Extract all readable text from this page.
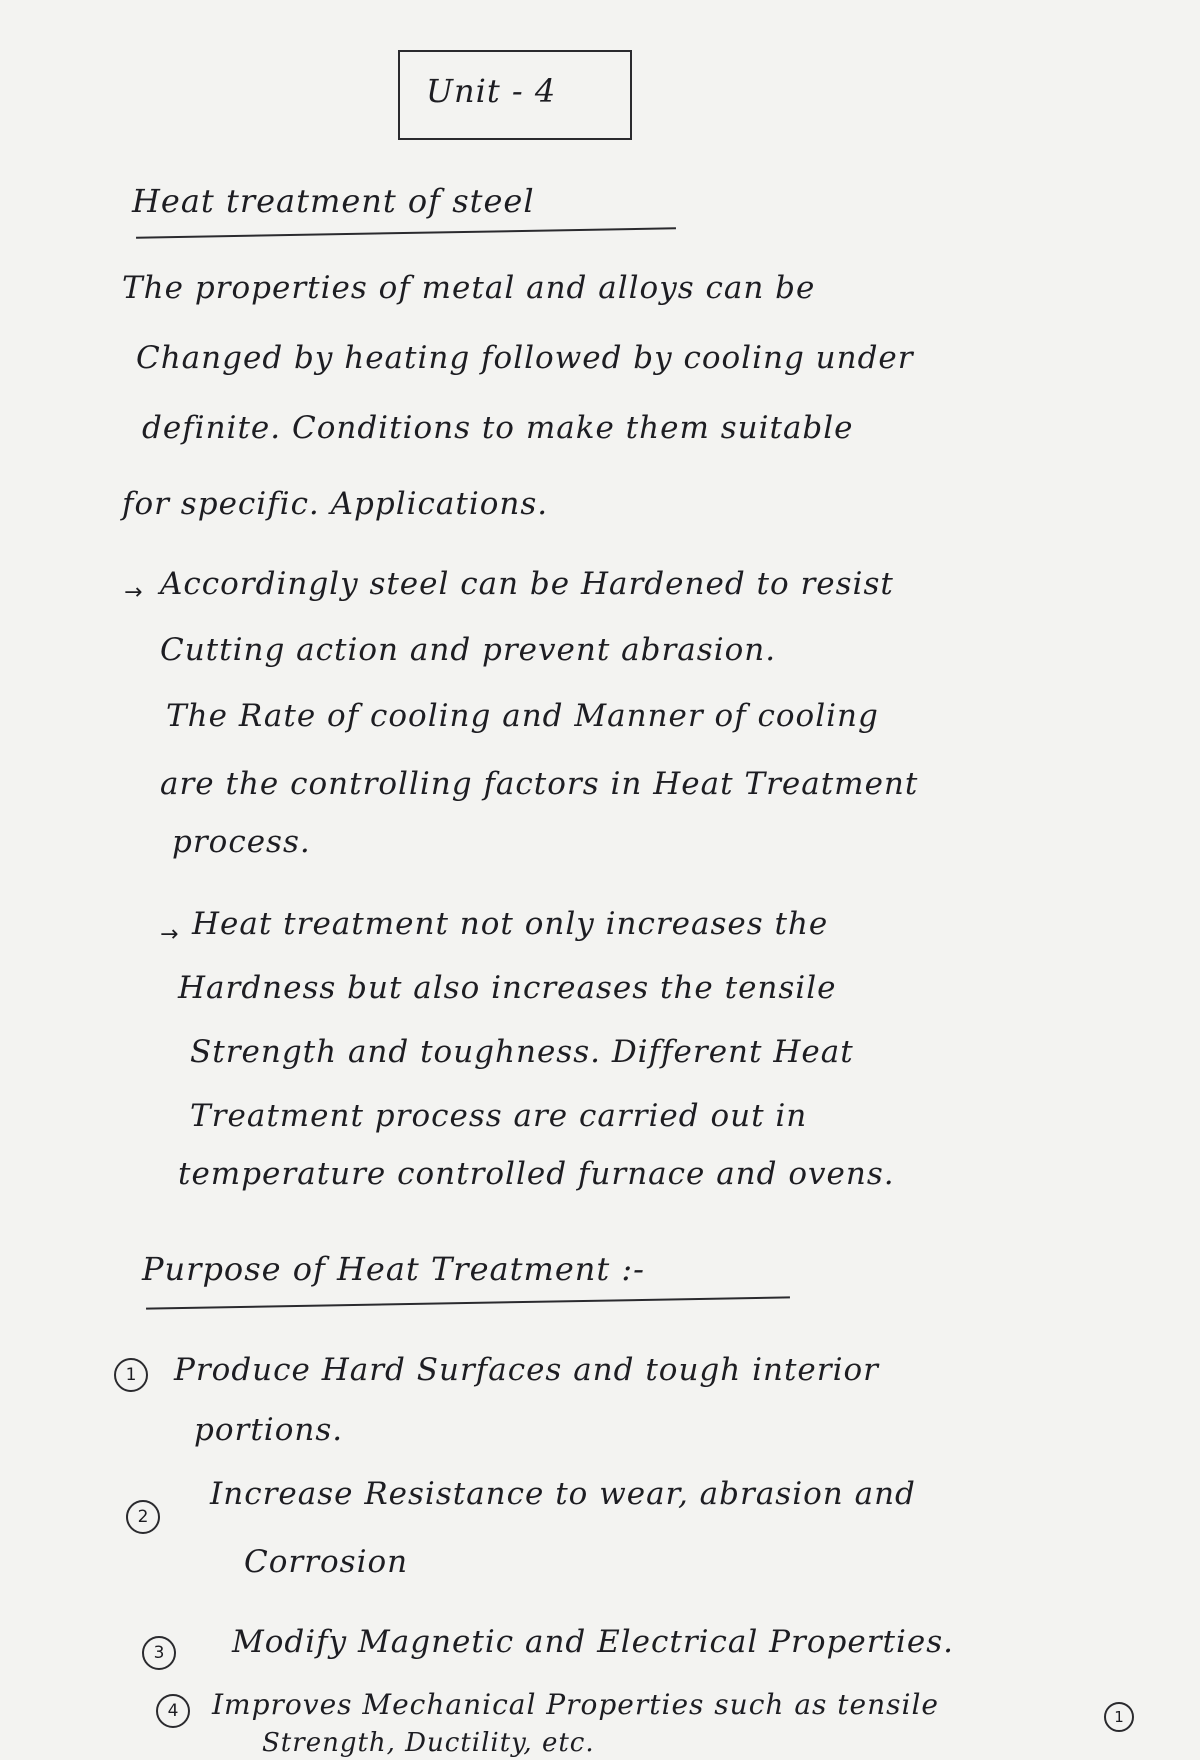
Unit - 4
Heat treatment of steel
The properties of metal and alloys can be
Changed by heating followed by cooling under
definite. Conditions to make them suitable
for specific. Applications.
→ Accordingly steel can be Hardened to resist
Cutting action and prevent abrasion.
The Rate of cooling and Manner of cooling
are the controlling factors in Heat Treatment
process.
→ Heat treatment not only increases the
Hardness but also increases the tensile
Strength and toughness. Different Heat
Treatment process are carried out in
temperature controlled furnace and ovens.
Purpose of Heat Treatment :-
1	Produce Hard Surfaces and tough interior
portions.
2
Increase Resistance to wear, abrasion and
Corrosion
3	Modify Magnetic and Electrical Properties.
4	Improves Mechanical Properties such as tensile
Strength, Ductility, etc.
1
